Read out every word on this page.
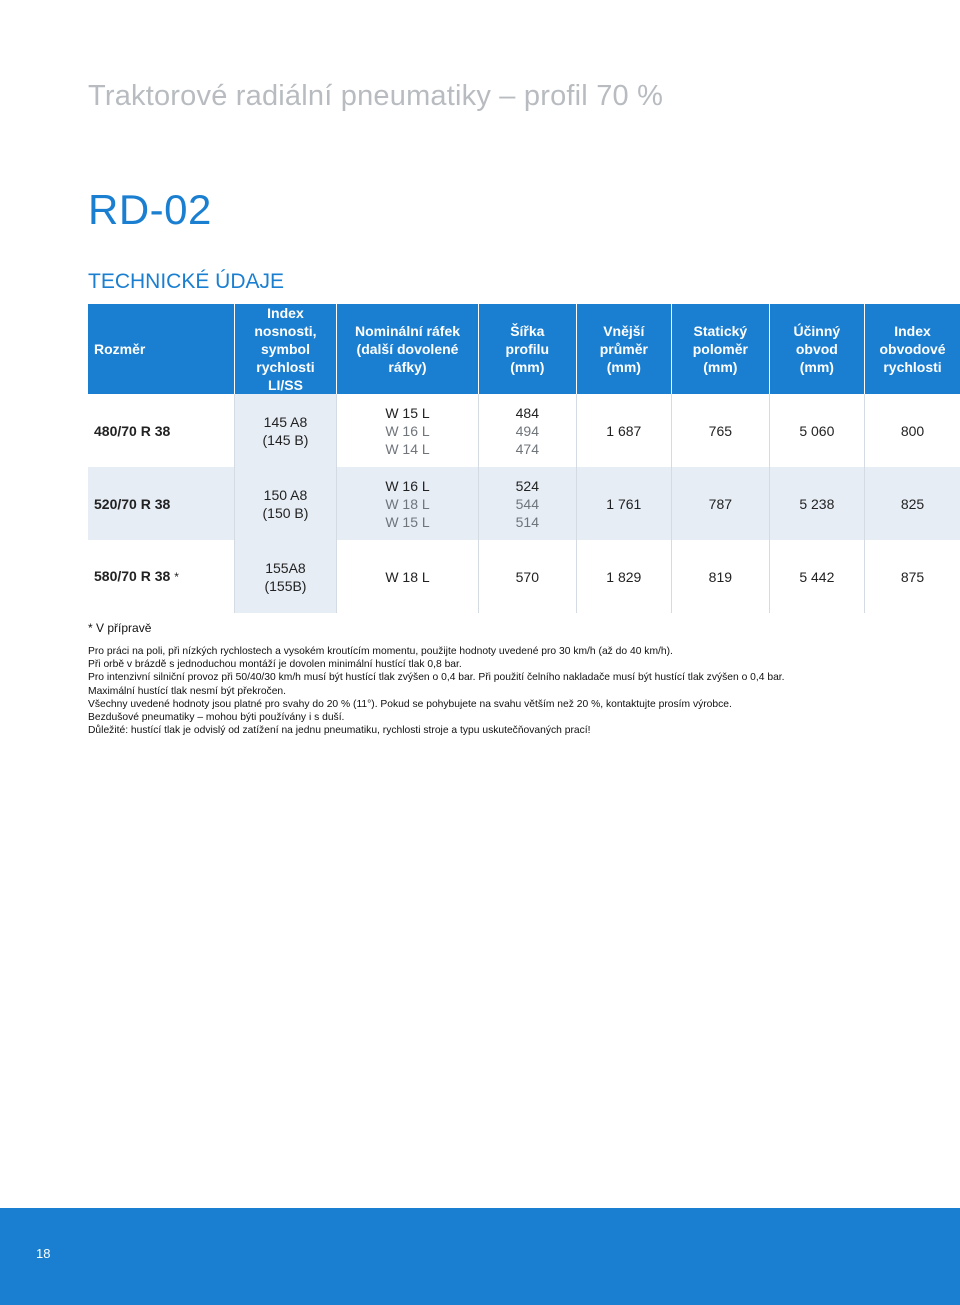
Traktorové radiální pneumatiky – profil 70 %
RD-02
TECHNICKÉ ÚDAJE
Rozměr	Index
nosnosti,
symbol
rychlosti
LI/SS	Nominální ráfek
(další dovolené
ráfky)	Šířka
profilu
(mm)	Vnější
průměr
(mm)	Statický
poloměr
(mm)	Účinný
obvod
(mm)	Index
obvodové
rychlosti
480/70 R 38	145 A8
(145 B)	W 15 L
W 16 L
W 14 L	484
494
474	1 687	765	5 060	800
520/70 R 38	150 A8
(150 B)	W 16 L
W 18 L
W 15 L	524
544
514	1 761	787	5 238	825
580/70 R 38 *	155A8
(155B)	W 18 L	570	1 829	819	5 442	875
* V přípravě
Pro práci na poli, při nízkých rychlostech a vysokém kroutícím momentu, použijte hodnoty uvedené pro 30 km/h (až do 40 km/h).
Při orbě v brázdě s jednoduchou montáží je dovolen minimální hustící tlak 0,8 bar.
Pro intenzivní silniční provoz při 50/40/30 km/h musí být hustící tlak zvýšen o 0,4 bar. Při použití čelního nakladače musí být hustící tlak zvýšen o 0,4 bar.
Maximální hustící tlak nesmí být překročen.
Všechny uvedené hodnoty jsou platné pro svahy do 20 % (11°). Pokud se pohybujete na svahu větším než 20 %, kontaktujte prosím výrobce.
Bezdušové pneumatiky – mohou býti používány i s duší.
Důležité: hustící tlak je odvislý od zatížení na jednu pneumatiku, rychlosti stroje a typu uskutečňovaných prací!
18
